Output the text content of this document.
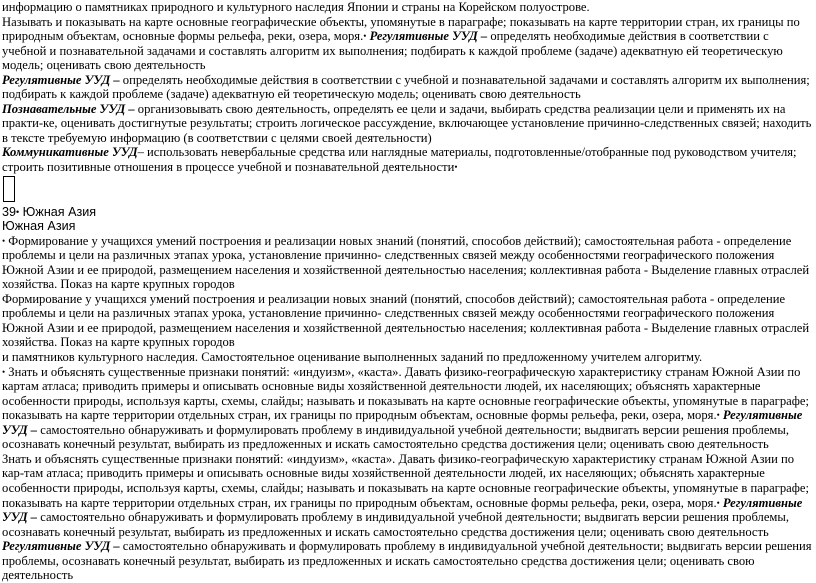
информацию о памятниках природного и культурного наследия Японии и страны на Корейском полуострове.

Называть и показывать на карте основные географические объекты, упомянутые в параграфе; показывать на карте территории стран, их границы по природным объектам, основные формы рельефа, реки, озера, моря.• Регулятивные УУД – определять необходимые действия в соответствии с учебной и познавательной задачами и составлять алгоритм их выполнения; подбирать к каждой проблеме (задаче) адекватную ей теоретическую модель; оценивать свою деятельность

Регулятивные УУД – определять необходимые действия в соответствии с учебной и познавательной задачами и составлять алгоритм их выполнения; подбирать к каждой проблеме (задаче) адекватную ей теоретическую модель; оценивать свою деятельность

Познавательные УУД – организовывать свою деятельность, определять ее цели и задачи, выбирать средства реализации цели и применять их на практи-ке, оценивать достигнутые результаты; строить логическое рассуждение, включающее установление причинно-следственных связей; находить в тексте требуемую информацию (в соответствии с целями своей деятельности)

Коммуникативные УУД– использовать невербальные средства или наглядные материалы, подготовленные/отобранные под руководством учителя; строить позитивные отношения в процессе учебной и познавательной деятельности•

39• Южная Азия

Южная Азия

• Формирование у учащихся умений построения и реализации новых знаний (понятий, способов действий); самостоятельная работа - определение проблемы и цели на различных этапах урока, установление причинно- следственных связей между особенностями географического положения Южной Азии и ее природой, размещением населения и хозяйственной деятельностью населения; коллективная работа - Выделение главных отраслей хозяйства. Показ на карте крупных городов

Формирование у учащихся умений построения и реализации новых знаний (понятий, способов действий); самостоятельная работа - определение проблемы и цели на различных этапах урока, установление причинно- следственных связей между особенностями географического положения Южной Азии и ее природой, размещением населения и хозяйственной деятельностью населения; коллективная работа - Выделение главных отраслей хозяйства. Показ на карте крупных городов

и памятников культурного наследия. Самостоятельное оценивание выполненных заданий по предложенному учителем алгоритму.

• Знать и объяснять существенные признаки понятий: «индуизм», «каста». Давать физико-географическую характеристику странам Южной Азии по картам атласа; приводить примеры и описывать основные виды хозяйственной деятельности людей, их населяющих; объяснять характерные особенности природы, используя карты, схемы, слайды; называть и показывать на карте основные географические объекты, упомянутые в параграфе; показывать на карте территории отдельных стран, их границы по природным объектам, основные формы рельефа, реки, озера, моря.• Регулятивные УУД – самостоятельно обнаруживать и формулировать проблему в индивидуальной учебной деятельности; выдвигать версии решения проблемы, осознавать конечный результат, выбирать из предложенных и искать самостоятельно средства достижения цели; оценивать свою деятельность

Знать и объяснять существенные признаки понятий: «индуизм», «каста». Давать физико-географическую характеристику странам Южной Азии по кар-там атласа; приводить примеры и описывать основные виды хозяйственной деятельности людей, их населяющих; объяснять характерные особенности природы, используя карты, схемы, слайды; называть и показывать на карте основные географические объекты, упомянутые в параграфе; показывать на карте территории отдельных стран, их границы по природным объектам, основные формы рельефа, реки, озера, моря.• Регулятивные УУД – самостоятельно обнаруживать и формулировать проблему в индивидуальной учебной деятельности; выдвигать версии решения проблемы, осознавать конечный результат, выбирать из предложенных и искать самостоятельно средства достижения цели; оценивать свою деятельность

Регулятивные УУД – самостоятельно обнаруживать и формулировать проблему в индивидуальной учебной деятельности; выдвигать версии решения проблемы, осознавать конечный результат, выбирать из предложенных и искать самостоятельно средства достижения цели; оценивать свою деятельность
